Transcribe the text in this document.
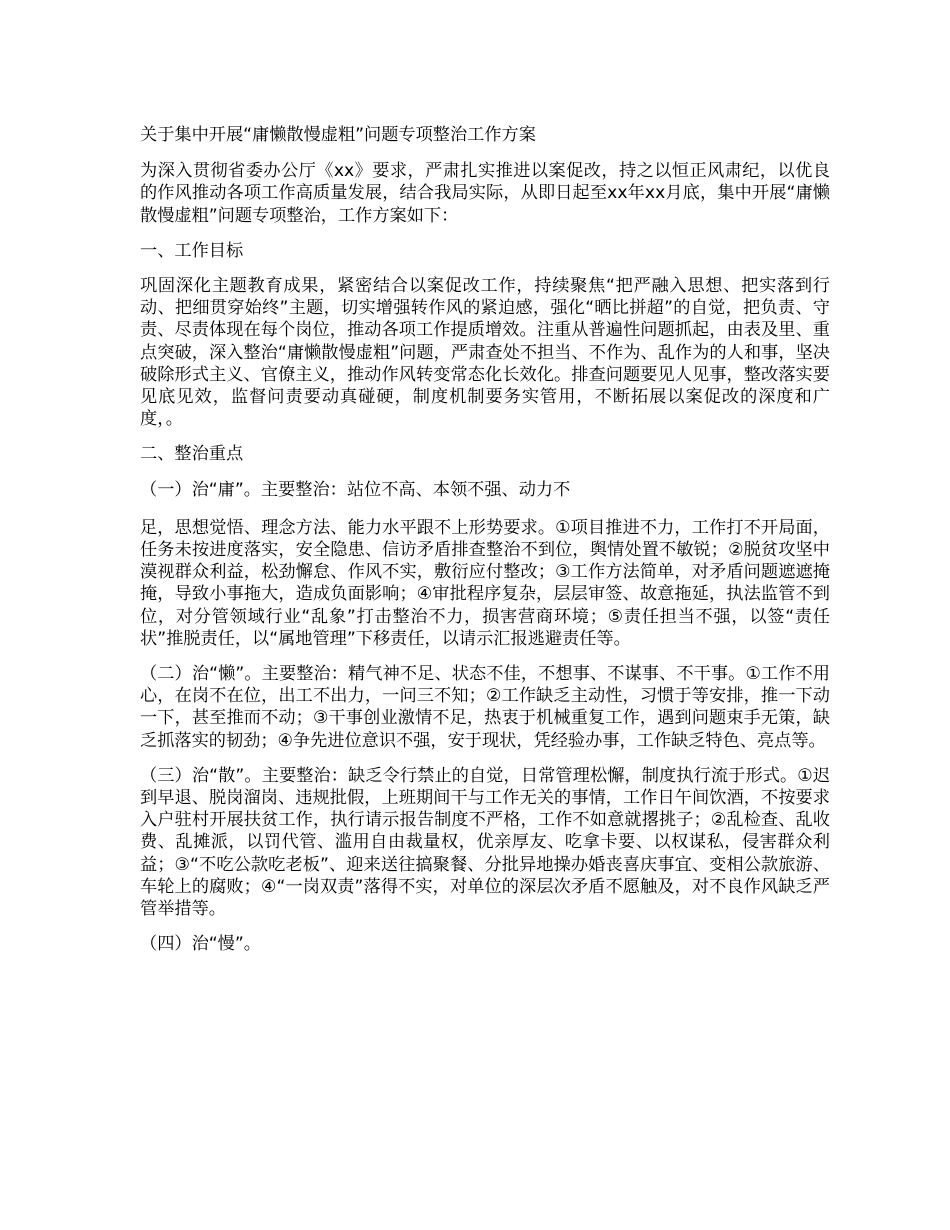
关于集中开展“庸懒散慢虚粗”问题专项整治工作方案

为深入贯彻省委办公厅《xx》要求，严肃扎实推进以案促改，持之以恒正风肃纪，以优良的作风推动各项工作高质量发展，结合我局实际，从即日起至xx年xx月底，集中开展“庸懒散慢虚粗”问题专项整治，工作方案如下：

一、工作目标

巩固深化主题教育成果，紧密结合以案促改工作，持续聚焦“把严融入思想、把实落到行动、把细贯穿始终”主题，切实增强转作风的紧迫感，强化“晒比拼超”的自觉，把负责、守责、尽责体现在每个岗位，推动各项工作提质增效。注重从普遍性问题抓起，由表及里、重点突破，深入整治“庸懒散慢虚粗”问题，严肃查处不担当、不作为、乱作为的人和事，坚决破除形式主义、官僚主义，推动作风转变常态化长效化。排查问题要见人见事，整改落实要见底见效，监督问责要动真碰硬，制度机制要务实管用，不断拓展以案促改的深度和广度，。

二、整治重点

（一）治“庸”。主要整治：站位不高、本领不强、动力不

足，思想觉悟、理念方法、能力水平跟不上形势要求。①项目推进不力，工作打不开局面，任务未按进度落实，安全隐患、信访矛盾排查整治不到位，舆情处置不敏锐；②脱贫攻坚中漠视群众利益，松劲懈怠、作风不实，敷衍应付整改；③工作方法简单，对矛盾问题遮遮掩掩，导致小事拖大，造成负面影响；④审批程序复杂，层层审签、故意拖延，执法监管不到位，对分管领域行业“乱象”打击整治不力，损害营商环境；⑤责任担当不强，以签“责任状”推脱责任，以“属地管理”下移责任，以请示汇报逃避责任等。

（二）治“懒”。主要整治：精气神不足、状态不佳，不想事、不谋事、不干事。①工作不用心，在岗不在位，出工不出力，一问三不知；②工作缺乏主动性，习惯于等安排，推一下动一下，甚至推而不动；③干事创业激情不足，热衷于机械重复工作，遇到问题束手无策，缺乏抓落实的韧劲；④争先进位意识不强，安于现状，凭经验办事，工作缺乏特色、亮点等。

（三）治“散”。主要整治：缺乏令行禁止的自觉，日常管理松懈，制度执行流于形式。①迟到早退、脱岗溜岗、违规批假，上班期间干与工作无关的事情，工作日午间饮酒，不按要求入户驻村开展扶贫工作，执行请示报告制度不严格，工作不如意就撂挑子；②乱检查、乱收费、乱摊派，以罚代管、滥用自由裁量权，优亲厚友、吃拿卡要、以权谋私，侵害群众利益；③“不吃公款吃老板”、迎来送往搞聚餐、分批异地操办婚丧喜庆事宜、变相公款旅游、车轮上的腐败；④“一岗双责”落得不实，对单位的深层次矛盾不愿触及，对不良作风缺乏严管举措等。

（四）治“慢”。
